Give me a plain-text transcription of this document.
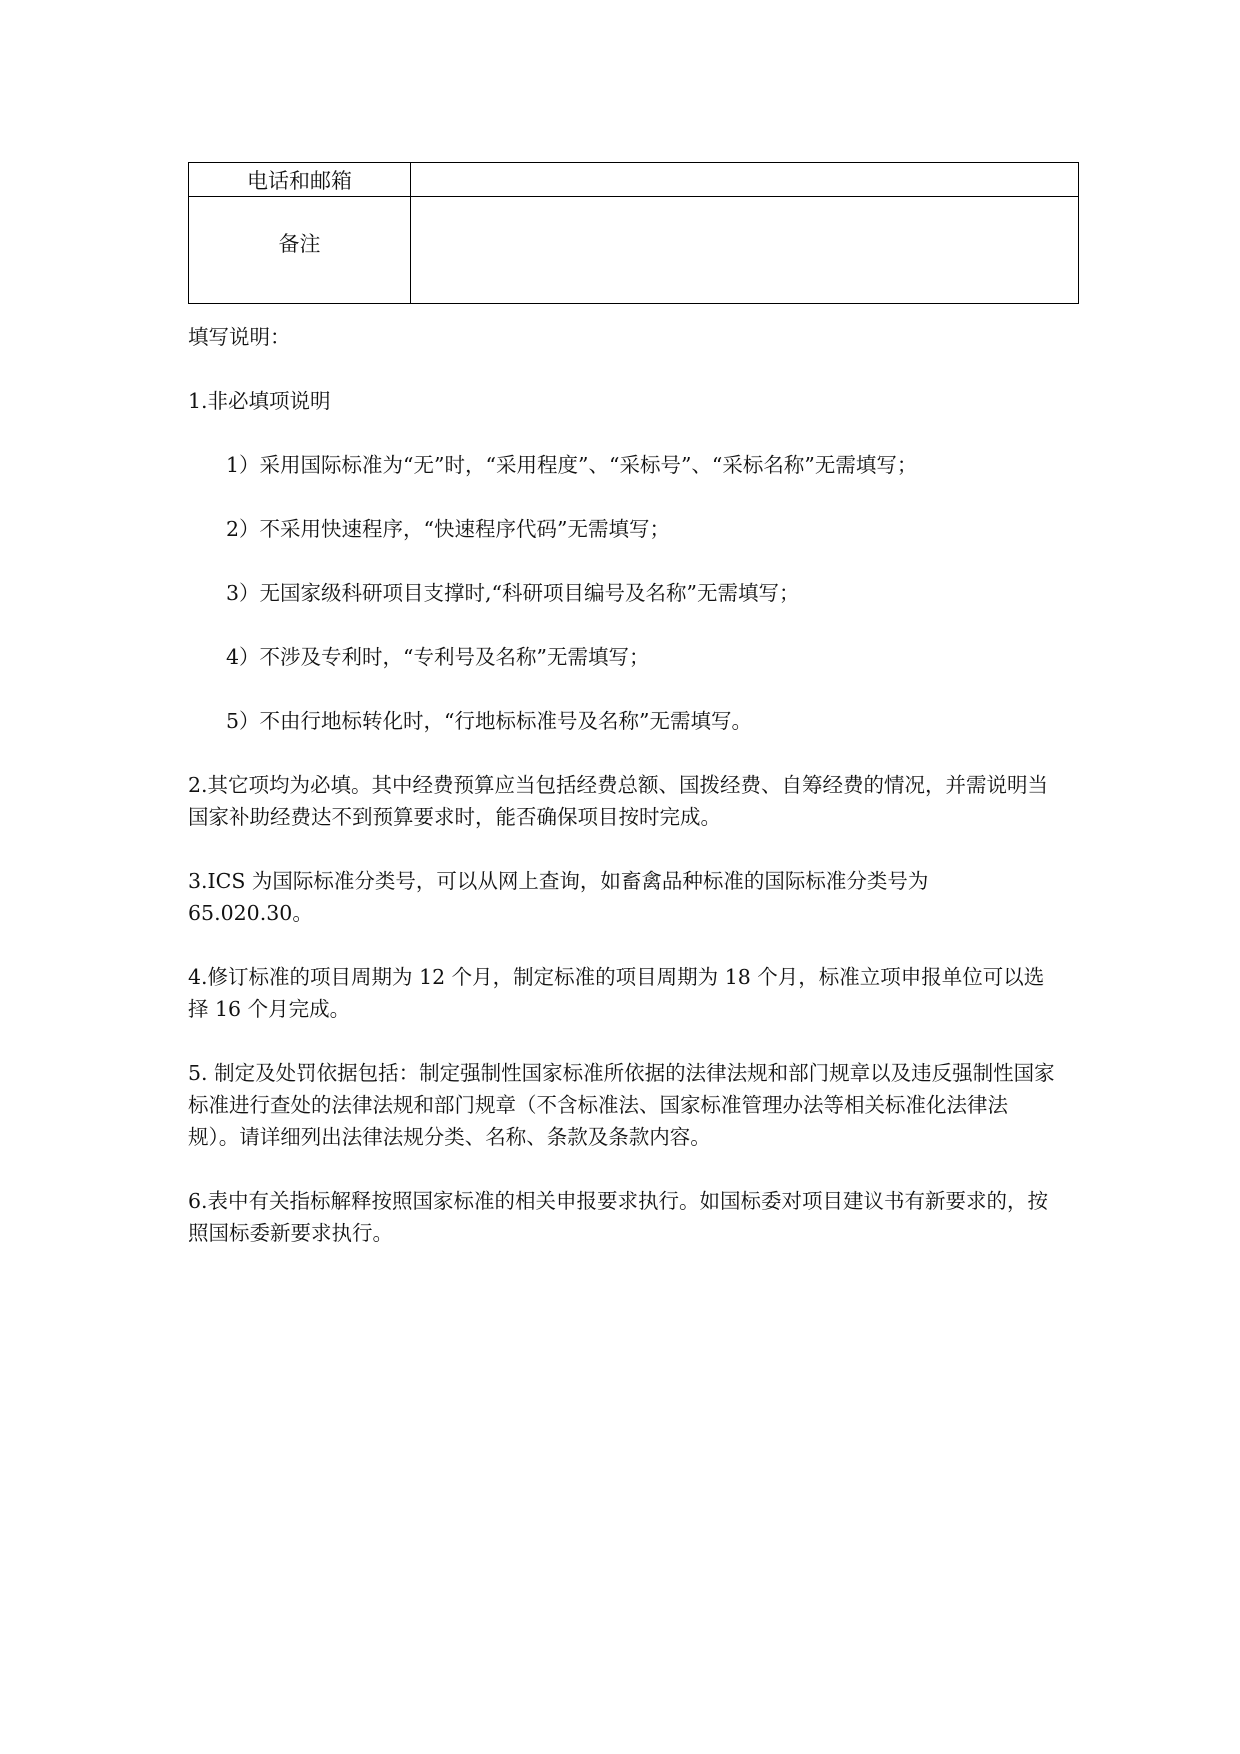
电话和邮箱	
备注	

填写说明：

1.非必填项说明

1）采用国际标准为“无”时，“采用程度”、“采标号”、“采标名称”无需填写；

2）不采用快速程序，“快速程序代码”无需填写；

3）无国家级科研项目支撑时,“科研项目编号及名称”无需填写；

4）不涉及专利时，“专利号及名称”无需填写；

5）不由行地标转化时，“行地标标准号及名称”无需填写。

2.其它项均为必填。其中经费预算应当包括经费总额、国拨经费、自筹经费的情况，并需说明当国家补助经费达不到预算要求时，能否确保项目按时完成。

3.ICS 为国际标准分类号，可以从网上查询，如畜禽品种标准的国际标准分类号为 65.020.30。

4.修订标准的项目周期为 12 个月，制定标准的项目周期为 18 个月，标准立项申报单位可以选择 16 个月完成。

5. 制定及处罚依据包括：制定强制性国家标准所依据的法律法规和部门规章以及违反强制性国家标准进行查处的法律法规和部门规章（不含标准法、国家标准管理办法等相关标准化法律法规）。请详细列出法律法规分类、名称、条款及条款内容。

6.表中有关指标解释按照国家标准的相关申报要求执行。如国标委对项目建议书有新要求的，按照国标委新要求执行。
